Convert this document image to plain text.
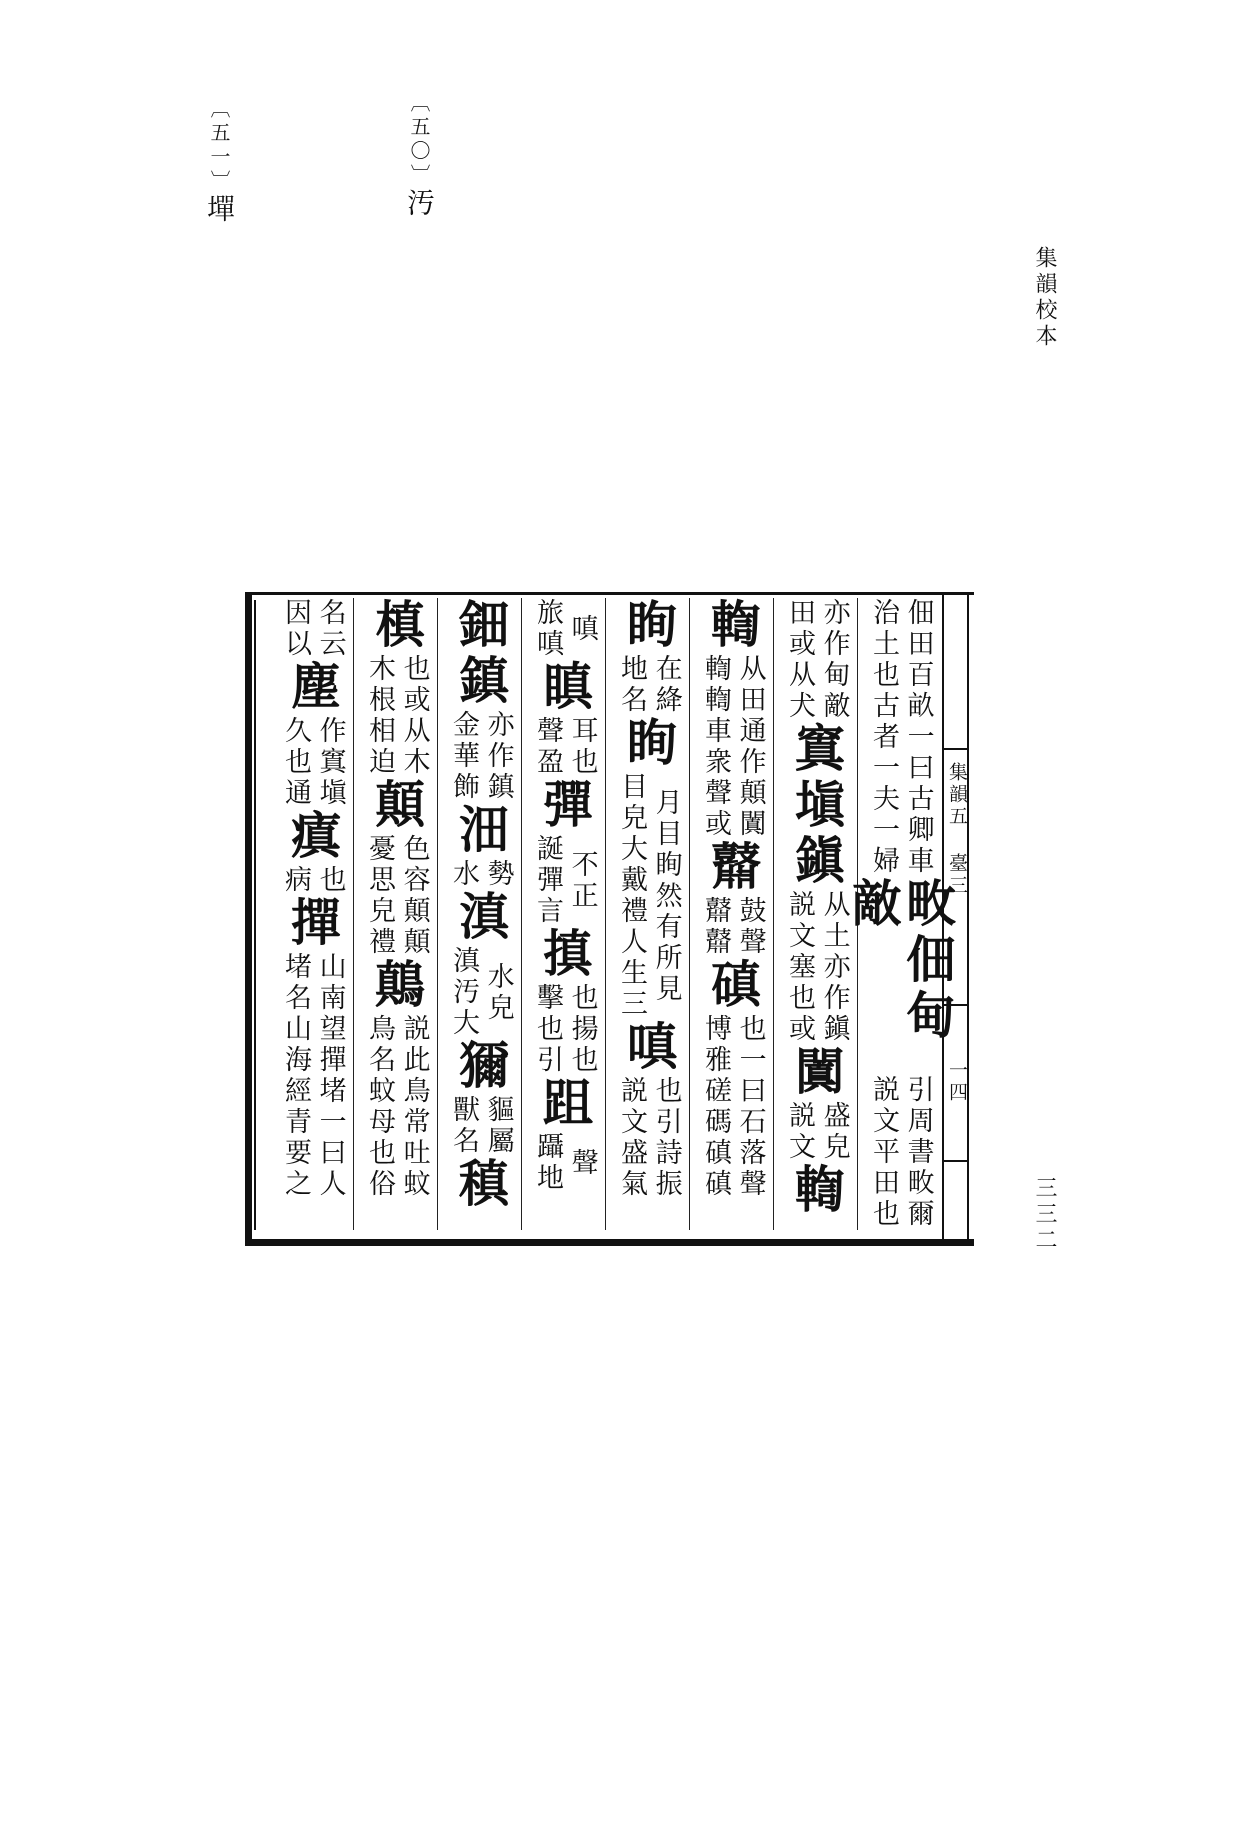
〔五〇〕汚
〔五一〕墠
集韻校本
三三二
集韻五 臺三
一四
佃田百畝一曰古卿車
治土也古者一夫一婦
畋佃甸敵
引周書畋爾
説文平田也
亦作甸敵
田或从犬
窴塡鎭
从土亦作鎭
説文塞也或
闐
盛皃
説文
輷
輷
从田通作顛闐
輷輷車衆聲或
鼘
鼓聲
鼘鼘
磌
也一曰石落聲
博雅磋碼磌磌
眴
在絳
地名
眴
月目眴然有所見
目皃大戴禮人生三
嗔
也引詩振
説文盛氣
嗔
旅嗔
瞋
耳也
聲盈
彈
不正
誕彈言
搷
也揚也
擊也引
跙
聲
躡地
鈿鎮
亦作鎮
金華飾
沺
勢
水
滇
水皃
滇汚大
獮
貙屬
獸名
稹
槙
也或从木
木根相迫
顛
色容顛顛
憂思皃禮
鷏
説此鳥常吐蚊
鳥名蚊母也俗
名云
因以
塵
作窴塡
久也通
瘨
也
病
撣
山南望撣堵一曰人
堵名山海經青要之
